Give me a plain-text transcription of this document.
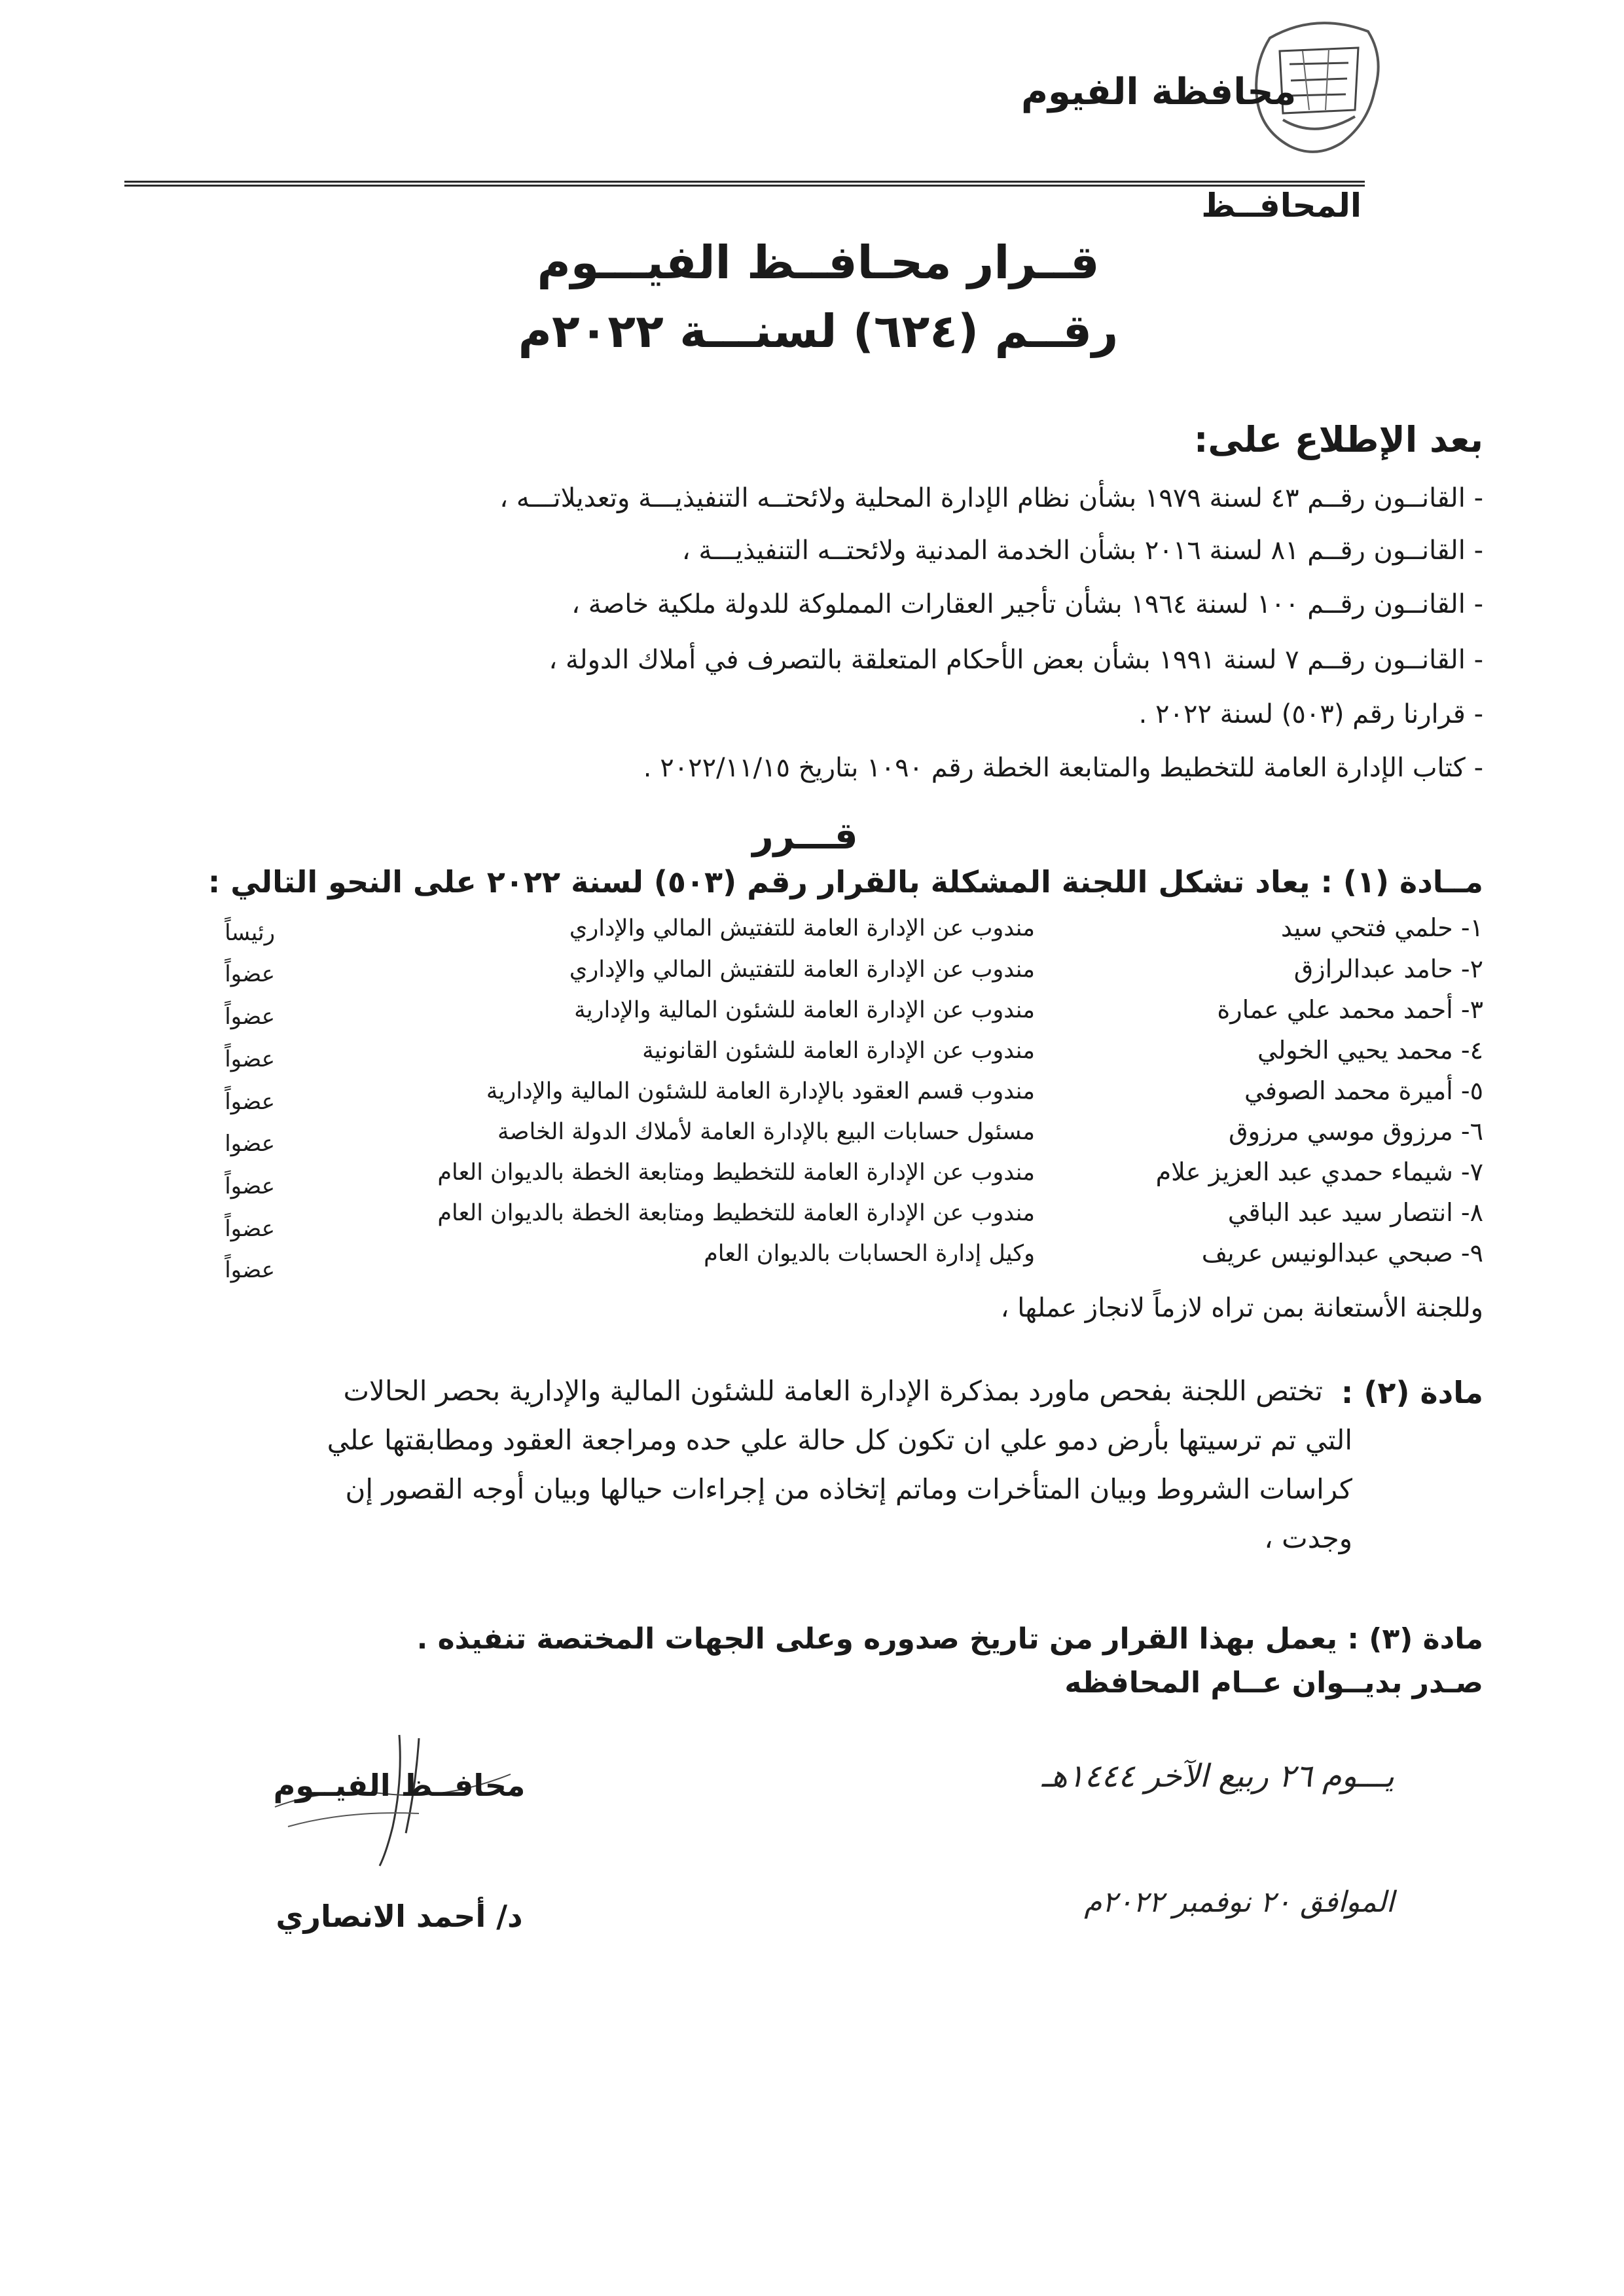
محافظة الفيوم
المحافــظ
قــرار محـافــظ الفيـــوم
رقــم (٦٢٤) لسنـــة ٢٠٢٢م
بعد الإطلاع على:
- القانــون رقــم ٤٣ لسنة ١٩٧٩ بشأن نظام الإدارة المحلية ولائحتــه التنفيذيـــة وتعديلاتـــه ،
- القانــون رقــم ٨١ لسنة ٢٠١٦ بشأن الخدمة المدنية ولائحتــه التنفيذيـــة ،
- القانــون رقــم ١٠٠ لسنة ١٩٦٤ بشأن تأجير العقارات المملوكة للدولة ملكية خاصة ،
- القانــون رقــم ٧ لسنة ١٩٩١ بشأن بعض الأحكام المتعلقة بالتصرف في أملاك الدولة ،
- قرارنا رقم (٥٠٣) لسنة ٢٠٢٢ .
- كتاب الإدارة العامة للتخطيط والمتابعة الخطة رقم ١٠٩٠ بتاريخ ٢٠٢٢/١١/١٥ .
قـــرر
مــادة (١) : يعاد تشكل اللجنة المشكلة بالقرار رقم (٥٠٣) لسنة ٢٠٢٢ على النحو التالي :
١- حلمي فتحي سيد
مندوب عن الإدارة العامة للتفتيش المالي والإداري
رئيساً
٢- حامد عبدالرازق
مندوب عن الإدارة العامة للتفتيش المالي والإداري
عضواً
٣- أحمد محمد علي عمارة
مندوب عن الإدارة العامة للشئون المالية والإدارية
عضواً
٤- محمد يحيي الخولي
مندوب عن الإدارة العامة للشئون القانونية
عضواً
٥- أميرة محمد الصوفي
مندوب قسم العقود بالإدارة العامة للشئون المالية والإدارية
عضواً
٦- مرزوق موسي مرزوق
مسئول حسابات البيع بالإدارة العامة لأملاك الدولة الخاصة
عضوا
٧- شيماء حمدي عبد العزيز علام
مندوب عن الإدارة العامة للتخطيط ومتابعة الخطة بالديوان العام
عضواً
٨- انتصار سيد عبد الباقي
مندوب عن الإدارة العامة للتخطيط ومتابعة الخطة بالديوان العام
عضواً
٩- صبحي عبدالونيس عريف
وكيل إدارة الحسابات بالديوان العام
عضواً
وللجنة الأستعانة بمن تراه لازماً لانجاز عملها ،
مادة (٢) :
تختص اللجنة بفحص ماورد بمذكرة الإدارة العامة للشئون المالية والإدارية بحصر الحالات
التي تم ترسيتها بأرض دمو علي ان تكون كل حالة علي حده ومراجعة العقود ومطابقتها علي
كراسات الشروط وبيان المتأخرات وماتم إتخاذه من إجراءات حيالها وبيان أوجه القصور إن
وجدت ،
مادة (٣) : يعمل بهذا القرار من تاريخ صدوره وعلى الجهات المختصة تنفيذه .
صـدر بديــوان عــام المحافظه
محافــظ الفيــوم
د/ أحمد الانصاري
يـــوم ٢٦ ربيع الآخر ١٤٤٤هـ
الموافق ٢٠ نوفمبر ٢٠٢٢م
